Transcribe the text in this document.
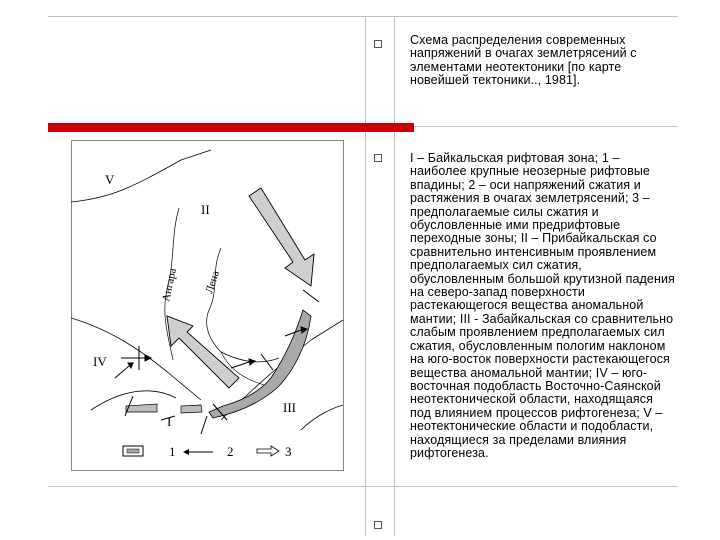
Схема распределения современных напряжений в очагах землетрясений с элементами неотектоники [по карте новейшей тектоники.., 1981].
I – Байкальская рифтовая зона; 1 – наиболее крупные неозерные рифтовые впадины; 2 – оси напряжений сжатия и растяжения в очагах землетрясений; 3 – предполагаемые силы сжатия и обусловленные ими предрифтовые переходные зоны; II – Прибайкальская со сравнительно интенсивным проявлением предполагаемых сил сжатия, обусловленным большой крутизной падения на северо-запад поверхности растекающегося вещества аномальной мантии; III - Забайкальская со сравнительно слабым проявлением предполагаемых сил сжатия, обусловленным пологим наклоном на юго-восток поверхности растекающегося вещества аномальной мантии; IV – юго-восточная подобласть Восточно-Саянской неотектонической области, находящаяся под влиянием процессов рифтогенеза; V – неотектонические области и подобласти, находящиеся за пределами влияния рифтогенеза.
V
II
IV
I
III
Ангара Лена
1	2	3
